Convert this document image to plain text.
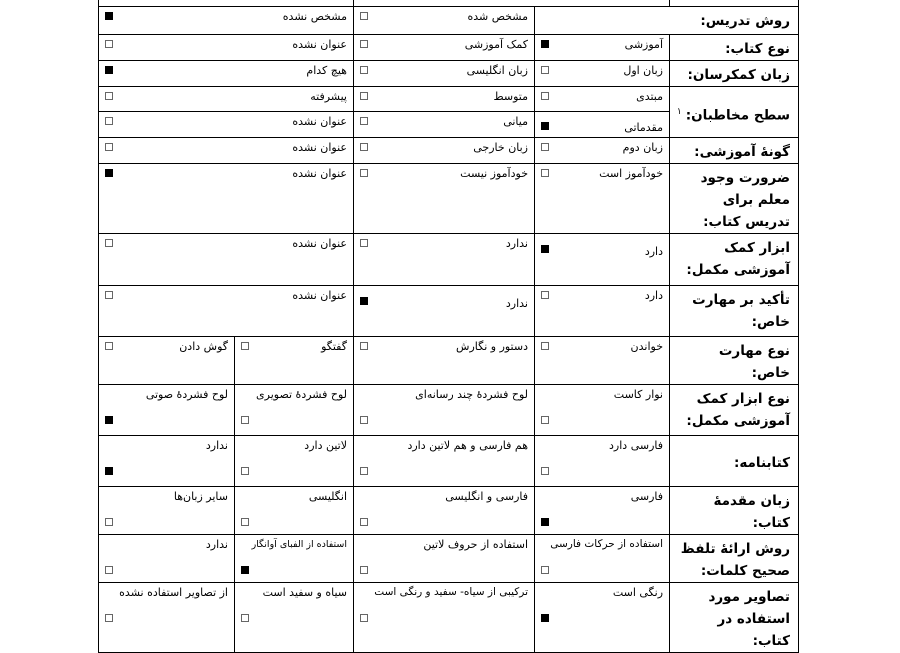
روش تدریس:		مشخص شده	مشخص نشده	

نوع کتاب:	آموزشی	کمک آموزشی	عنوان نشده	

زبان کمکرسان:	زبان اول	زبان انگلیسی	هیچ کدام	

سطح مخاطبان:$^۱$	مبتدی	متوسط	پیشرفته	

	مقدماتی	میانی	عنوان نشده	

گونهٔ آموزشی:	زبان دوم	زبان خارجی	عنوان نشده	

ضرورت وجود معلم برای تدریس کتاب:	خودآموز است	خودآموز نیست	عنوان نشده	

ابزار کمک آموزشی مکمل:	دارد	ندارد	عنوان نشده	

تأکید بر مهارت خاص:	دارد	ندارد	عنوان نشده	

نوع مهارت خاص:	خواندن	دستور و نگارش	گفتگو	گوش دادن

نوع ابزار کمک آموزشی مکمل:	نوار کاست	لوح فشردهٔ چند رسانه‌ای	لوح فشردهٔ تصویری	لوح فشردهٔ صوتی

کتابنامه:	فارسی دارد	هم فارسی و هم لاتین دارد	لاتین دارد	ندارد

زبان مقدمهٔ کتاب:	فارسی	فارسی و انگلیسی	انگلیسی	سایر زبان‌ها

روش ارائهٔ تلفظ صحیح کلمات:	استفاده از حرکات فارسی	استفاده از حروف لاتین	استفاده از الفبای آوانگار	ندارد

تصاویر مورد استفاده در کتاب:	رنگی است	ترکیبی از سیاه- سفید و رنگی است	سیاه و سفید است	از تصاویر استفاده نشده
